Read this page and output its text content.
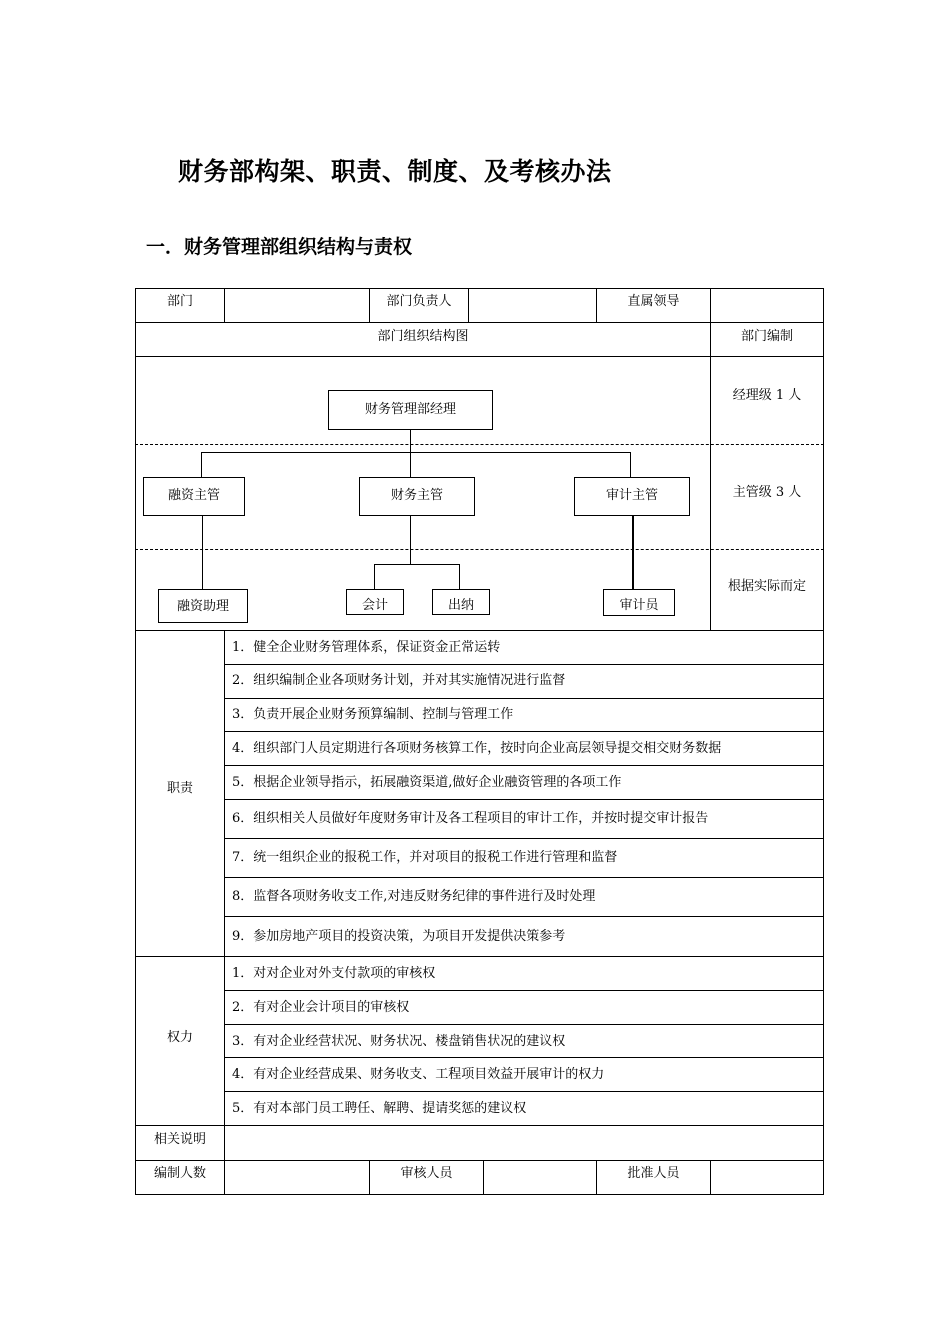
财务部构架、职责、制度、及考核办法
一．财务管理部组织结构与责权
部门	部门负责人	直属领导
部门组织结构图	部门编制
经理级 1 人
主管级 3 人
根据实际而定
财务管理部经理
融资主管	财务主管	审计主管
融资助理	会计	出纳	审计员
职责
1．健全企业财务管理体系，保证资金正常运转
2．组织编制企业各项财务计划，并对其实施情况进行监督
3．负责开展企业财务预算编制、控制与管理工作
4．组织部门人员定期进行各项财务核算工作，按时向企业高层领导提交相交财务数据
5．根据企业领导指示，拓展融资渠道,做好企业融资管理的各项工作
6．组织相关人员做好年度财务审计及各工程项目的审计工作，并按时提交审计报告
7．统一组织企业的报税工作，并对项目的报税工作进行管理和监督
8．监督各项财务收支工作,对违反财务纪律的事件进行及时处理
9．参加房地产项目的投资决策，为项目开发提供决策参考
权力
1．对对企业对外支付款项的审核权
2．有对企业会计项目的审核权
3．有对企业经营状况、财务状况、楼盘销售状况的建议权
4．有对企业经营成果、财务收支、工程项目效益开展审计的权力
5．有对本部门员工聘任、解聘、提请奖惩的建议权
相关说明
编制人数	审核人员	批准人员
